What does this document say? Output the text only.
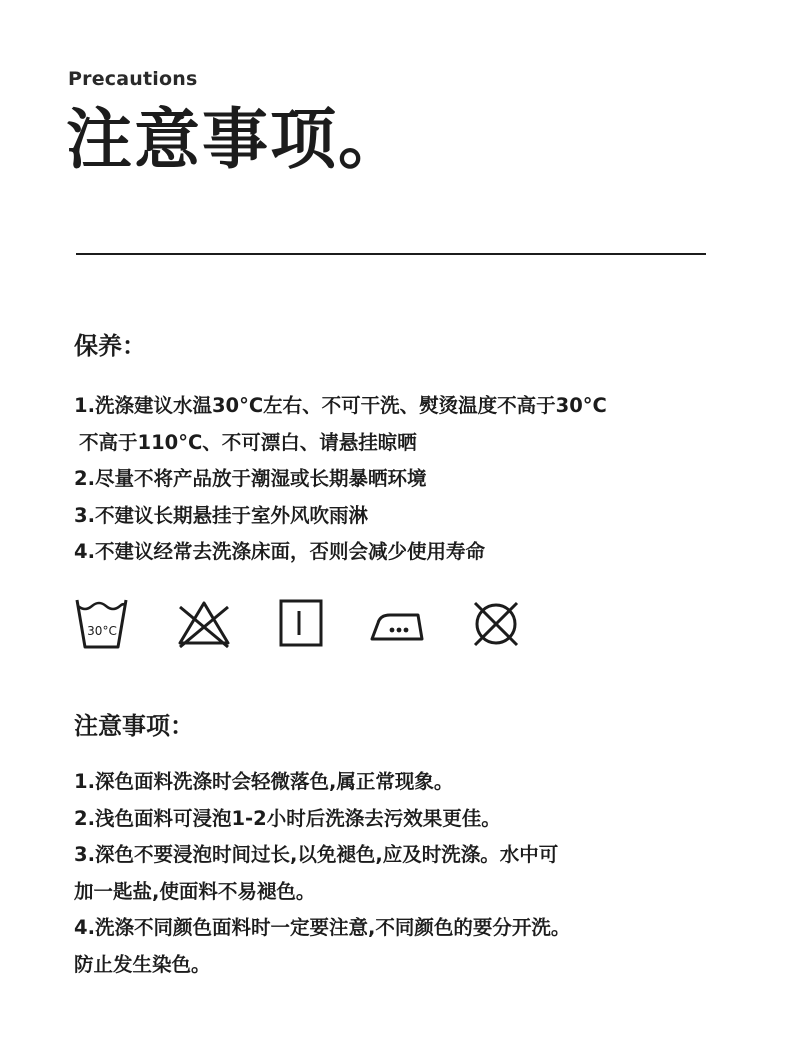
Precautions
注意事项。
保养：
1.洗涤建议水温30°C左右、不可干洗、熨烫温度不高于30°C
不高于110°C、不可漂白、请悬挂晾晒
2.尽量不将产品放于潮湿或长期暴晒环境
3.不建议长期悬挂于室外风吹雨淋
4.不建议经常去洗涤床面，否则会减少使用寿命
30°C
注意事项：
1.深色面料洗涤时会轻微落色,属正常现象。
2.浅色面料可浸泡1-2小时后洗涤去污效果更佳。
3.深色不要浸泡时间过长,以免褪色,应及时洗涤。水中可
加一匙盐,使面料不易褪色。
4.洗涤不同颜色面料时一定要注意,不同颜色的要分开洗。
防止发生染色。
